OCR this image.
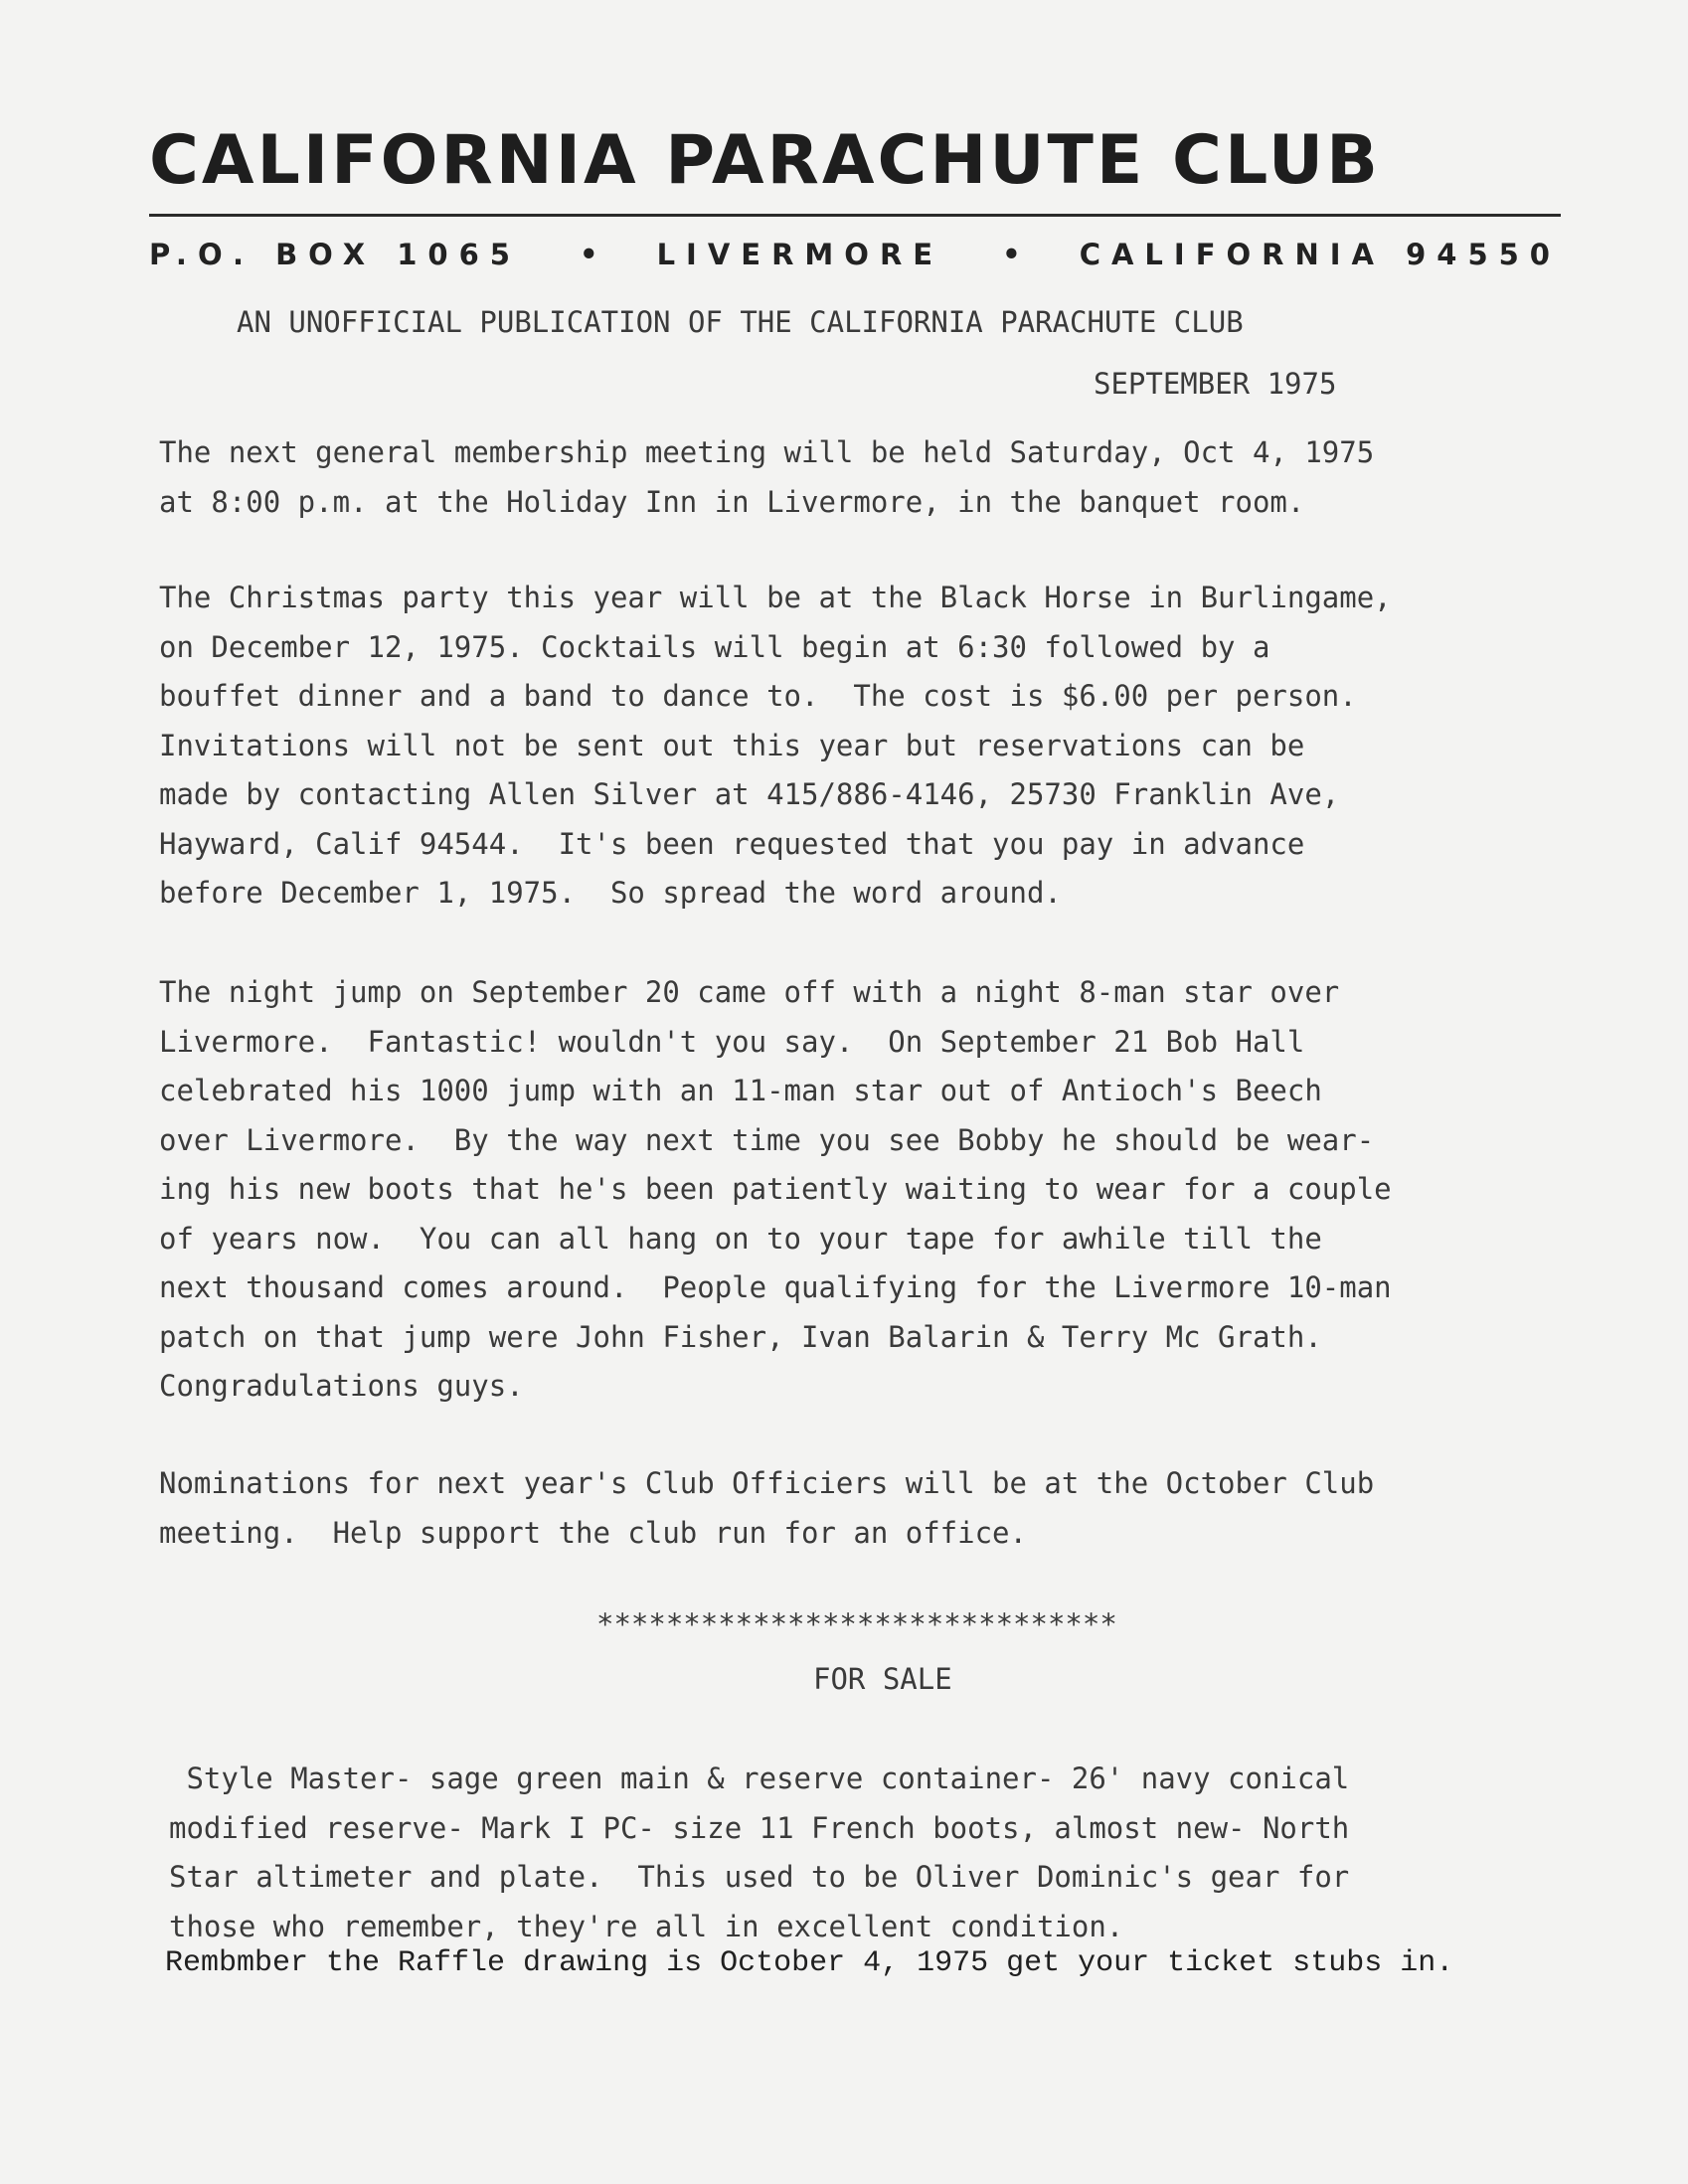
CALIFORNIA PARACHUTE CLUB
P.O. BOX 1065 • LIVERMORE • CALIFORNIA 94550

AN UNOFFICIAL PUBLICATION OF THE CALIFORNIA PARACHUTE CLUB

SEPTEMBER 1975

The next general membership meeting will be held Saturday, Oct 4, 1975
at 8:00 p.m. at the Holiday Inn in Livermore, in the banquet room.

The Christmas party this year will be at the Black Horse in Burlingame,
on December 12, 1975. Cocktails will begin at 6:30 followed by a
bouffet dinner and a band to dance to.  The cost is $6.00 per person.
Invitations will not be sent out this year but reservations can be
made by contacting Allen Silver at 415/886-4146, 25730 Franklin Ave,
Hayward, Calif 94544.  It's been requested that you pay in advance
before December 1, 1975.  So spread the word around.

The night jump on September 20 came off with a night 8-man star over
Livermore.  Fantastic! wouldn't you say.  On September 21 Bob Hall
celebrated his 1000 jump with an 11-man star out of Antioch's Beech
over Livermore.  By the way next time you see Bobby he should be wear-
ing his new boots that he's been patiently waiting to wear for a couple
of years now.  You can all hang on to your tape for awhile till the
next thousand comes around.  People qualifying for the Livermore 10-man
patch on that jump were John Fisher, Ivan Balarin & Terry Mc Grath.
Congradulations guys.

Nominations for next year's Club Officiers will be at the October Club
meeting.  Help support the club run for an office.

******************************

FOR SALE

Style Master- sage green main & reserve container- 26' navy conical
modified reserve- Mark I PC- size 11 French boots, almost new- North
Star altimeter and plate.  This used to be Oliver Dominic's gear for
those who remember, they're all in excellent condition.

Rembmber the Raffle drawing is October 4, 1975 get your ticket stubs in.
